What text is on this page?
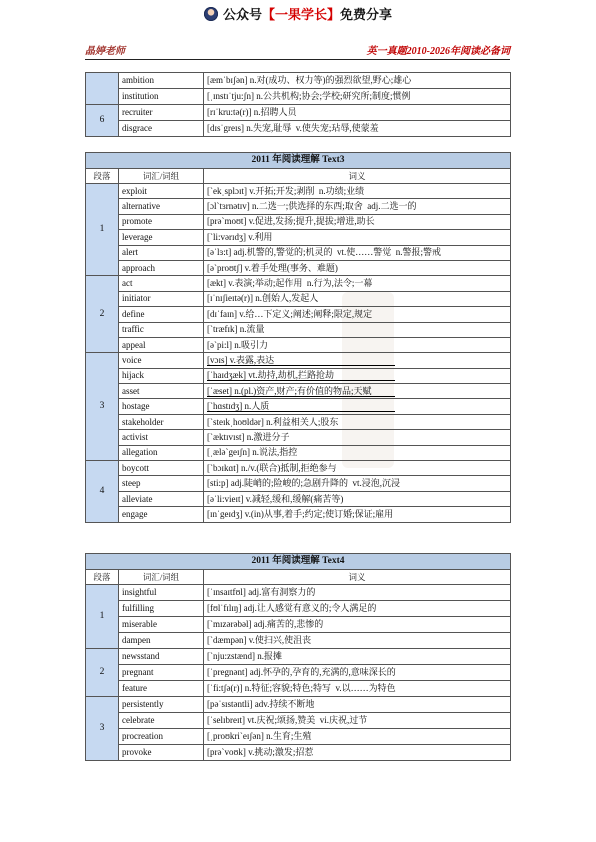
公众号【一果学长】免费分享
晶婷老师	英一真题2010-2026年阅读必备词
	ambition	[æmˈbɪʃən] n.对(成功、权力等)的强烈欲望,野心;雄心
	institution	[ˌɪnstɪˈtju:ʃn] n.公共机构;协会;学校;研究所;制度;惯例
6	recruiter	[rɪˈkru:tə(r)] n.招聘人员
	disgrace	[dɪsˈgreɪs] n.失宠,耻辱  v.使失宠;玷辱,使蒙羞
2011 年阅读理解 Text3		
段落	词汇/词组	词义
1	exploit	[ˋekˌsplɔɪt] v.开拓;开发;剥削  n.功绩;业绩
	alternative	[ɔlˋtɜrnətɪv] n.二选一;供选择的东西;取舍  adj.二选一的
	promote	[prəˋmoʊt] v.促进,发扬;提升,提拔;增进,助长
	leverage	[ˋli:vərɪdʒ] v.利用
	alert	[əˈlɜ:t] adj.机警的,警觉的;机灵的  vt.使……警觉  n.警报;警戒
	approach	[əˋproʊtʃ] v.着手处理(事务、难题)
2	act	[ækt] v.表演;举动;起作用  n.行为,法令;一幕
	initiator	[ɪˈnɪʃieɪtə(r)] n.创始人,发起人
	define	[dɪˈfaɪn] v.给…下定义;阐述;阐释;限定,规定
	traffic	[ˋtræfɪk] n.流量
	appeal	[əˋpi:l] n.吸引力
3	voice	[vɔɪs] v.表露,表达
	hijack	[ˈhaɪdʒæk] vt.劫持,劫机,拦路抢劫
	asset	[ˈæset] n.(pl.)资产,财产;有价值的物品;天赋
	hostage	[ˋhɑstɪdʒ] n.人质
	stakeholder	[ˋsteɪkˌhoʊldər] n.利益相关人;股东
	activist	[ˋæktɪvɪst] n.激进分子
	allegation	[ˌæləˋgeɪʃn] n.说法,指控
4	boycott	[ˋbɔɪkɑt] n./v.(联合)抵制,拒绝参与
	steep	[sti:p] adj.陡峭的;险峻的;急剧升降的  vt.浸泡,沉浸
	alleviate	[əˈli:vieɪt] v.减轻,缓和,缓解(痛苦等)
	engage	[ɪnˈgeɪdʒ] v.(in)从事,着手;约定;使订婚;保证;雇用
2011 年阅读理解 Text4		
段落	词汇/词组	词义
1	insightful	[ˈɪnsaɪtfʊl] adj.富有洞察力的
	fulfilling	[fʊlˈfɪlɪŋ] adj.让人感觉有意义的;令人满足的
	miserable	[ˋmɪzərəbəl] adj.痛苦的,悲惨的
	dampen	[ˋdæmpən] v.使扫兴,使沮丧
2	newsstand	[ˋnju:zstænd] n.报摊
	pregnant	[ˈpregnənt] adj.怀孕的,孕育的,充满的,意味深长的
	feature	[ˈfi:tʃə(r)] n.特征;容貌;特色;特写  v.以……为特色
3	persistently	[pəˈsɪstəntli] adv.持续不断地
	celebrate	[ˈselɪbreɪt] vt.庆祝;颂扬,赞美  vi.庆祝,过节
	procreation	[ˌproʊkriˋeɪʃən] n.生育;生殖
	provoke	[prəˋvoʊk] v.挑动;激发;招惹
